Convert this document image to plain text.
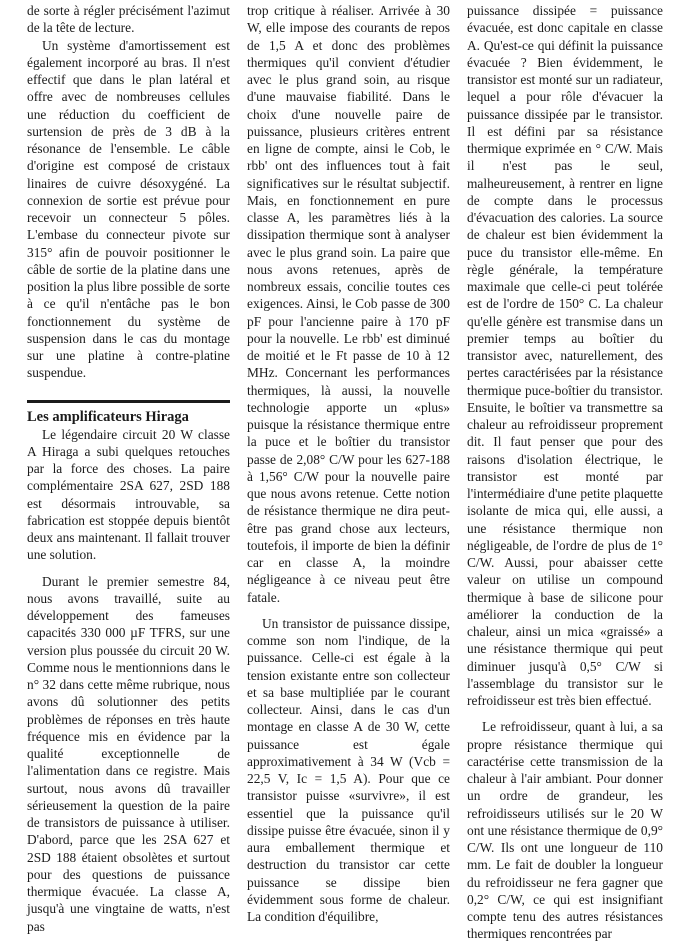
de sorte à régler précisément l'azimut de la tête de lecture.

Un système d'amortissement est également incorporé au bras. Il n'est effectif que dans le plan latéral et offre avec de nombreuses cellules une réduction du coefficient de surtension de près de 3 dB à la résonance de l'ensemble. Le câble d'origine est composé de cristaux linaires de cuivre désoxygéné. La connexion de sortie est prévue pour recevoir un connecteur 5 pôles. L'embase du connecteur pivote sur 315° afin de pouvoir positionner le câble de sortie de la platine dans une position la plus libre possible de sorte à ce qu'il n'entâche pas le bon fonctionnement du système de suspension dans le cas du montage sur une platine à contre-platine suspendue.

Les amplificateurs Hiraga

Le légendaire circuit 20 W classe A Hiraga a subi quelques retouches par la force des choses. La paire complémentaire 2SA 627, 2SD 188 est désormais introuvable, sa fabrication est stoppée depuis bientôt deux ans maintenant. Il fallait trouver une solution.

Durant le premier semestre 84, nous avons travaillé, suite au développement des fameuses capacités 330 000 µF TFRS, sur une version plus poussée du circuit 20 W. Comme nous le mentionnions dans le n° 32 dans cette même rubrique, nous avons dû solutionner des petits problèmes de réponses en très haute fréquence mis en évidence par la qualité exceptionnelle de l'alimentation dans ce registre. Mais surtout, nous avons dû travailler sérieusement la question de la paire de transistors de puissance à utiliser. D'abord, parce que les 2SA 627 et 2SD 188 étaient obsolètes et surtout pour des questions de puissance thermique évacuée. La classe A, jusqu'à une vingtaine de watts, n'est pas

trop critique à réaliser. Arrivée à 30 W, elle impose des courants de repos de 1,5 A et donc des problèmes thermiques qu'il convient d'étudier avec le plus grand soin, au risque d'une mauvaise fiabilité. Dans le choix d'une nouvelle paire de puissance, plusieurs critères entrent en ligne de compte, ainsi le Cob, le rbb' ont des influences tout à fait significatives sur le résultat subjectif. Mais, en fonctionnement en pure classe A, les paramètres liés à la dissipation thermique sont à analyser avec le plus grand soin. La paire que nous avons retenues, après de nombreux essais, concilie toutes ces exigences. Ainsi, le Cob passe de 300 pF pour l'ancienne paire à 170 pF pour la nouvelle. Le rbb' est diminué de moitié et le Ft passe de 10 à 12 MHz. Concernant les performances thermiques, là aussi, la nouvelle technologie apporte un «plus» puisque la résistance thermique entre la puce et le boîtier du transistor passe de 2,08° C/W pour les 627-188 à 1,56° C/W pour la nouvelle paire que nous avons retenue. Cette notion de résistance thermique ne dira peut-être pas grand chose aux lecteurs, toutefois, il importe de bien la définir car en classe A, la moindre négligeance à ce niveau peut être fatale.

Un transistor de puissance dissipe, comme son nom l'indique, de la puissance. Celle-ci est égale à la tension existante entre son collecteur et sa base multipliée par le courant collecteur. Ainsi, dans le cas d'un montage en classe A de 30 W, cette puissance est égale approximativement à 34 W (Vcb = 22,5 V, Ic = 1,5 A). Pour que ce transistor puisse «survivre», il est essentiel que la puissance qu'il dissipe puisse être évacuée, sinon il y aura emballement thermique et destruction du transistor car cette puissance se dissipe bien évidemment sous forme de chaleur. La condition d'équilibre,

puissance dissipée = puissance évacuée, est donc capitale en classe A. Qu'est-ce qui définit la puissance évacuée ? Bien évidemment, le transistor est monté sur un radiateur, lequel a pour rôle d'évacuer la puissance dissipée par le transistor. Il est défini par sa résistance thermique exprimée en ° C/W. Mais il n'est pas le seul, malheureusement, à rentrer en ligne de compte dans le processus d'évacuation des calories. La source de chaleur est bien évidemment la puce du transistor elle-même. En règle générale, la température maximale que celle-ci peut tolérée est de l'ordre de 150° C. La chaleur qu'elle génère est transmise dans un premier temps au boîtier du transistor avec, naturellement, des pertes caractérisées par la résistance thermique puce-boîtier du transistor. Ensuite, le boîtier va transmettre sa chaleur au refroidisseur proprement dit. Il faut penser que pour des raisons d'isolation électrique, le transistor est monté par l'intermédiaire d'une petite plaquette isolante de mica qui, elle aussi, a une résistance thermique non négligeable, de l'ordre de plus de 1° C/W. Aussi, pour abaisser cette valeur on utilise un compound thermique à base de silicone pour améliorer la conduction de la chaleur, ainsi un mica «graissé» a une résistance thermique qui peut diminuer jusqu'à 0,5° C/W si l'assemblage du transistor sur le refroidisseur est très bien effectué.

Le refroidisseur, quant à lui, a sa propre résistance thermique qui caractérise cette transmission de la chaleur à l'air ambiant. Pour donner un ordre de grandeur, les refroidisseurs utilisés sur le 20 W ont une résistance thermique de 0,9° C/W. Ils ont une longueur de 110 mm. Le fait de doubler la longueur du refroidisseur ne fera gagner que 0,2° C/W, ce qui est insignifiant compte tenu des autres résistances thermiques rencontrées par
